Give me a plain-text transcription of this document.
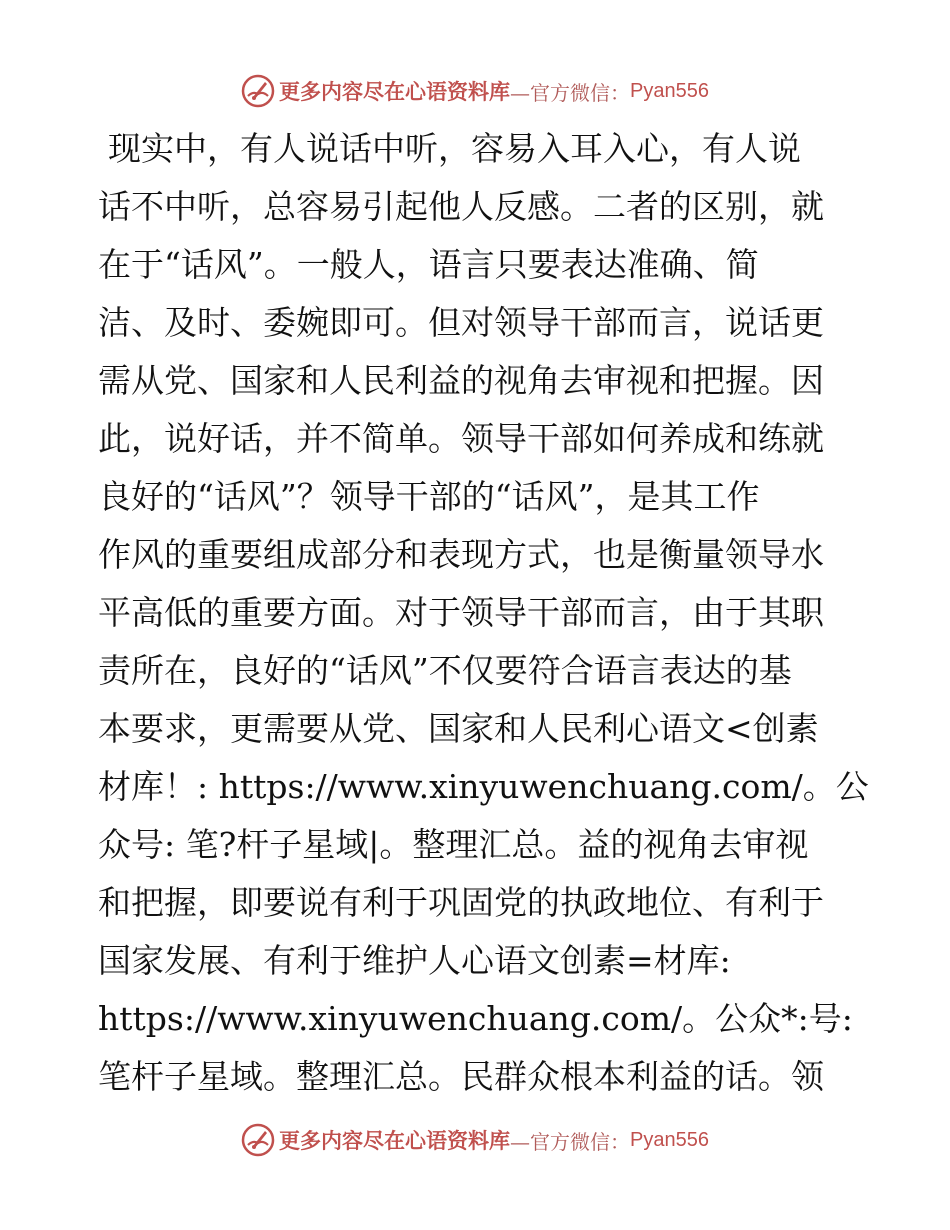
更多内容尽在心语资料库 —官方微信： Pyan556
现实中，有人说话中听，容易入耳入心，有人说
话不中听，总容易引起他人反感。二者的区别，就
在于“话风”。一般人，语言只要表达准确、简
洁、及时、委婉即可。但对领导干部而言，说话更
需从党、国家和人民利益的视角去审视和把握。因
此，说好话，并不简单。领导干部如何养成和练就
良好的“话风”？领导干部的“话风”，是其工作
作风的重要组成部分和表现方式，也是衡量领导水
平高低的重要方面。对于领导干部而言，由于其职
责所在，良好的“话风”不仅要符合语言表达的基
本要求，更需要从党、国家和人民利心语文<创素
材库！: https://www.xinyuwenchuang.com/。公
众号: 笔?杆子星域|。整理汇总。益的视角去审视
和把握，即要说有利于巩固党的执政地位、有利于
国家发展、有利于维护人心语文创素=材库:
https://www.xinyuwenchuang.com/。公众*:号:
笔杆子星域。整理汇总。民群众根本利益的话。领
更多内容尽在心语资料库 —官方微信： Pyan556
